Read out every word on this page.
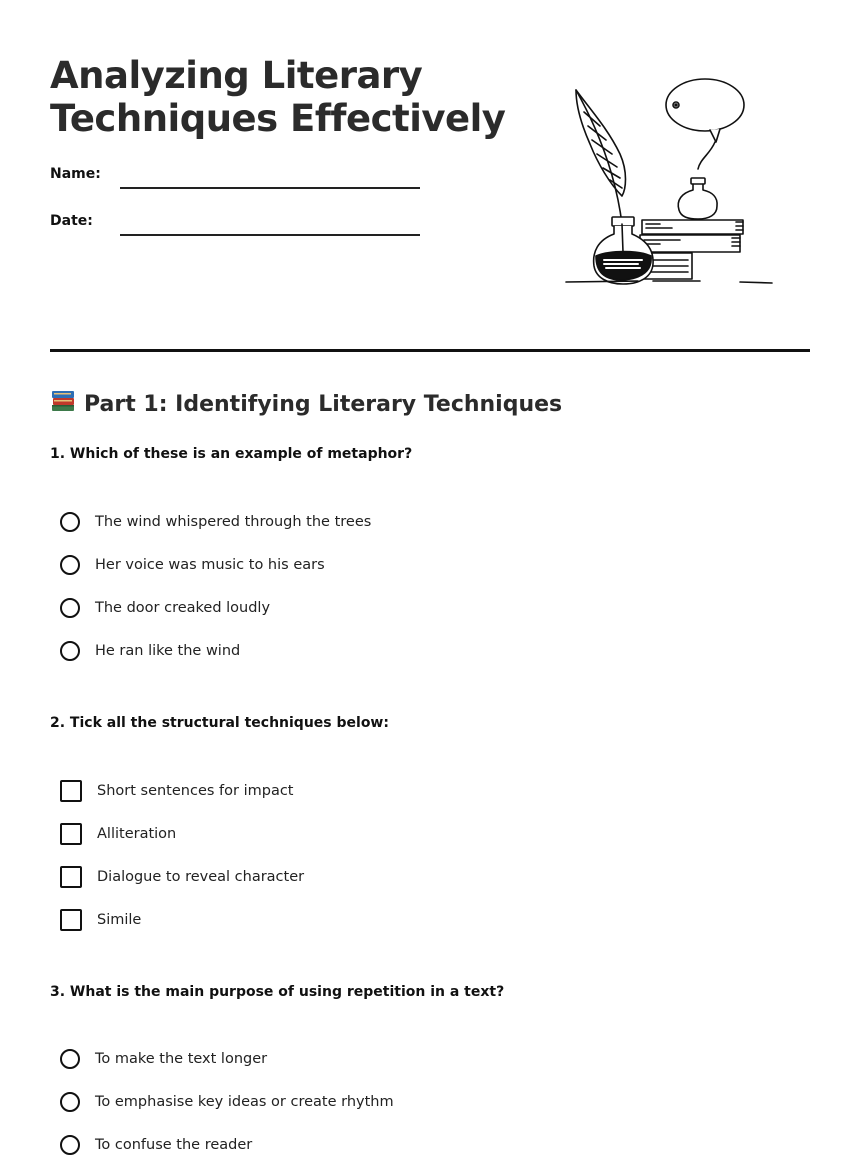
Analyzing Literary Techniques Effectively
Name:
Date:
Part 1: Identifying Literary Techniques

1. Which of these is an example of metaphor?

The wind whispered through the trees
Her voice was music to his ears
The door creaked loudly
He ran like the wind

2. Tick all the structural techniques below:

Short sentences for impact
Alliteration
Dialogue to reveal character
Simile

3. What is the main purpose of using repetition in a text?

To make the text longer
To emphasise key ideas or create rhythm
To confuse the reader
